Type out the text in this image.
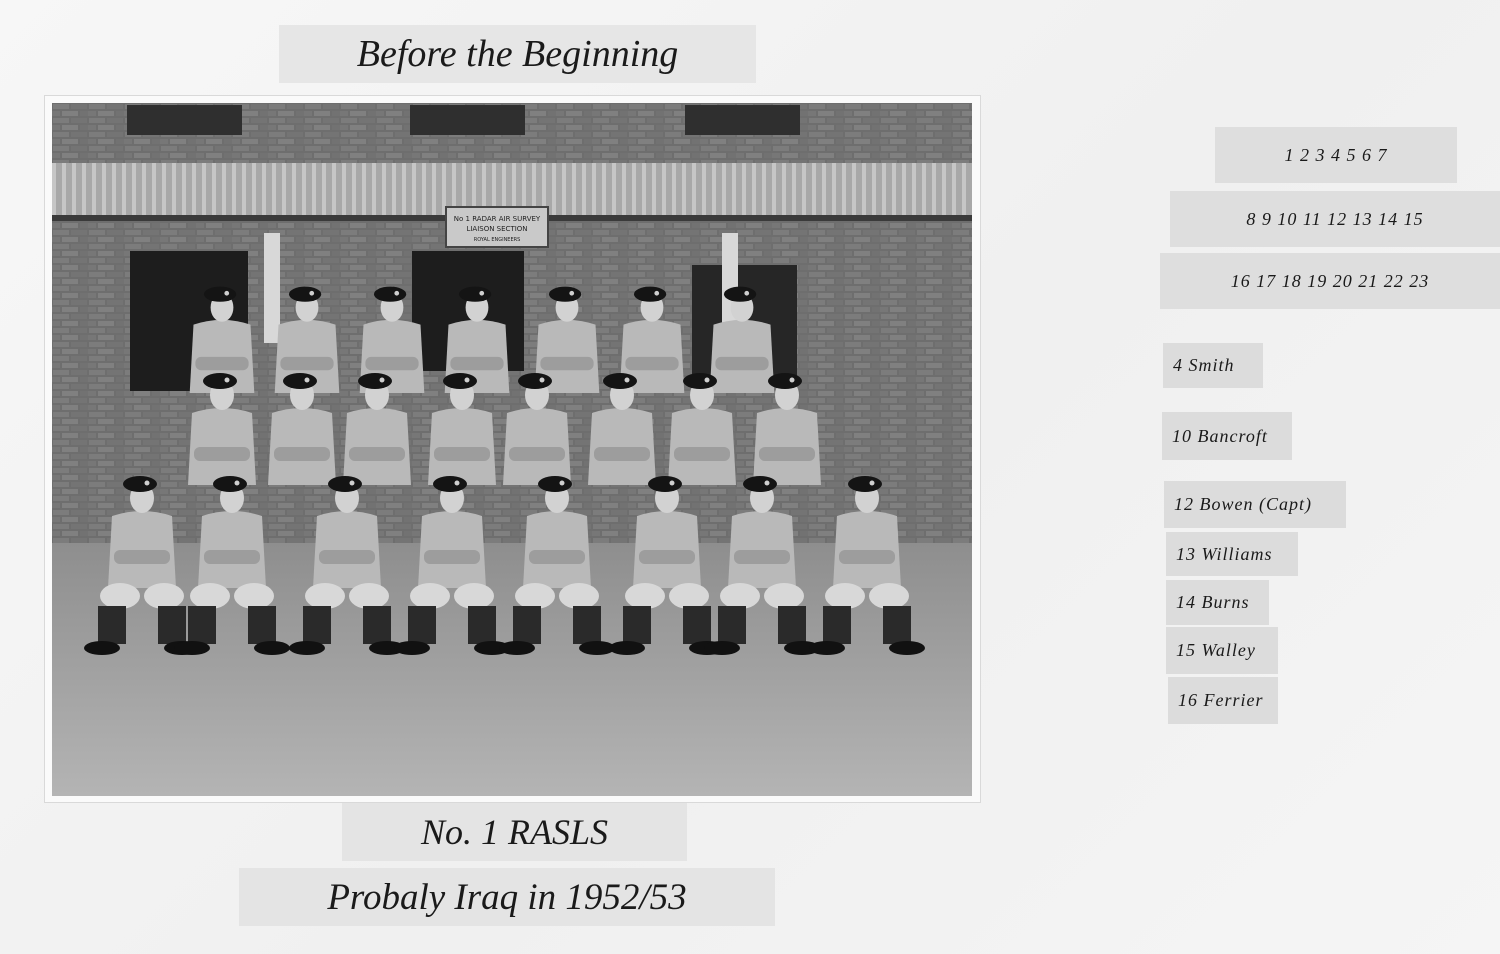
Before the Beginning
No 1 RADAR AIR SURVEY
LIAISON SECTION
ROYAL ENGINEERS
No. 1 RASLS
Probaly Iraq in 1952/53
1 2 3 4 5 6 7
8 9 10 11 12 13 14 15
16 17 18 19 20 21 22 23
4 Smith
10 Bancroft
12 Bowen (Capt)
13 Williams
14 Burns
15 Walley
16 Ferrier
